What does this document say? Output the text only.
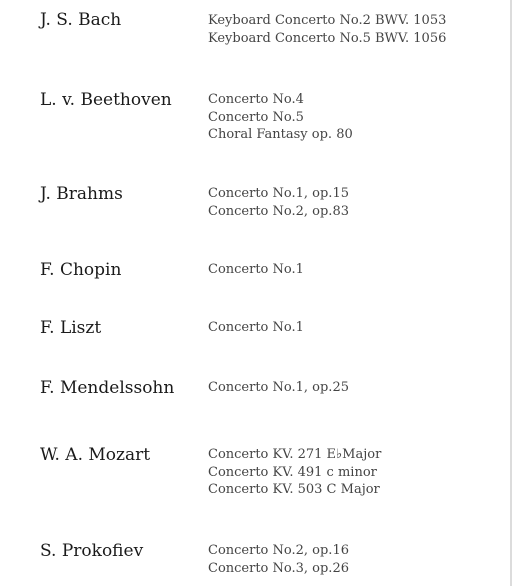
J. S. Bach	Keyboard Concerto No.2 BWV. 1053
Keyboard Concerto No.5 BWV. 1056
L. v. Beethoven	Concerto No.4
Concerto No.5
Choral Fantasy op. 80
J. Brahms	Concerto No.1, op.15
Concerto No.2, op.83
F. Chopin	Concerto No.1
F. Liszt	Concerto No.1
F. Mendelssohn	Concerto No.1, op.25
W. A. Mozart	Concerto KV. 271 E♭Major
Concerto KV. 491 c minor
Concerto KV. 503 C Major
S. Prokofiev	Concerto No.2, op.16
Concerto No.3, op.26
